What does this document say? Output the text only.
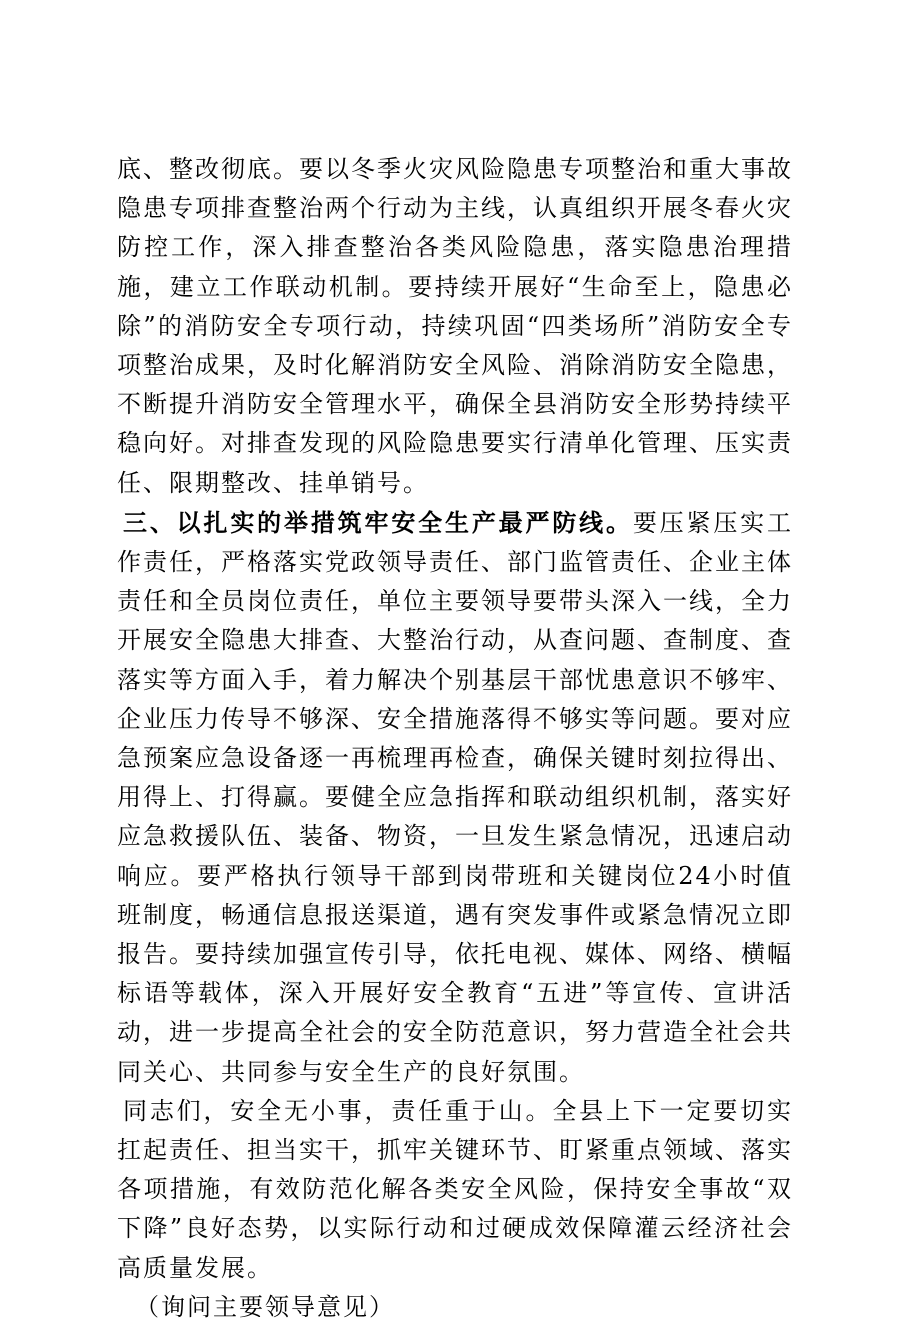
底、整改彻底。要以冬季火灾风险隐患专项整治和重大事故隐患专项排查整治两个行动为主线，认真组织开展冬春火灾防控工作，深入排查整治各类风险隐患，落实隐患治理措施，建立工作联动机制。要持续开展好“生命至上，隐患必除”的消防安全专项行动，持续巩固“四类场所”消防安全专项整治成果，及时化解消防安全风险、消除消防安全隐患，不断提升消防安全管理水平，确保全县消防安全形势持续平稳向好。对排查发现的风险隐患要实行清单化管理、压实责任、限期整改、挂单销号。

三、以扎实的举措筑牢安全生产最严防线。要压紧压实工作责任，严格落实党政领导责任、部门监管责任、企业主体责任和全员岗位责任，单位主要领导要带头深入一线，全力开展安全隐患大排查、大整治行动，从查问题、查制度、查落实等方面入手，着力解决个别基层干部忧患意识不够牢、企业压力传导不够深、安全措施落得不够实等问题。要对应急预案应急设备逐一再梳理再检查，确保关键时刻拉得出、用得上、打得赢。要健全应急指挥和联动组织机制，落实好应急救援队伍、装备、物资，一旦发生紧急情况，迅速启动响应。要严格执行领导干部到岗带班和关键岗位24小时值班制度，畅通信息报送渠道，遇有突发事件或紧急情况立即报告。要持续加强宣传引导，依托电视、媒体、网络、横幅标语等载体，深入开展好安全教育“五进”等宣传、宣讲活动，进一步提高全社会的安全防范意识，努力营造全社会共同关心、共同参与安全生产的良好氛围。

同志们，安全无小事，责任重于山。全县上下一定要切实扛起责任、担当实干，抓牢关键环节、盯紧重点领域、落实各项措施，有效防范化解各类安全风险，保持安全事故“双下降”良好态势，以实际行动和过硬成效保障灌云经济社会高质量发展。

（询问主要领导意见）
